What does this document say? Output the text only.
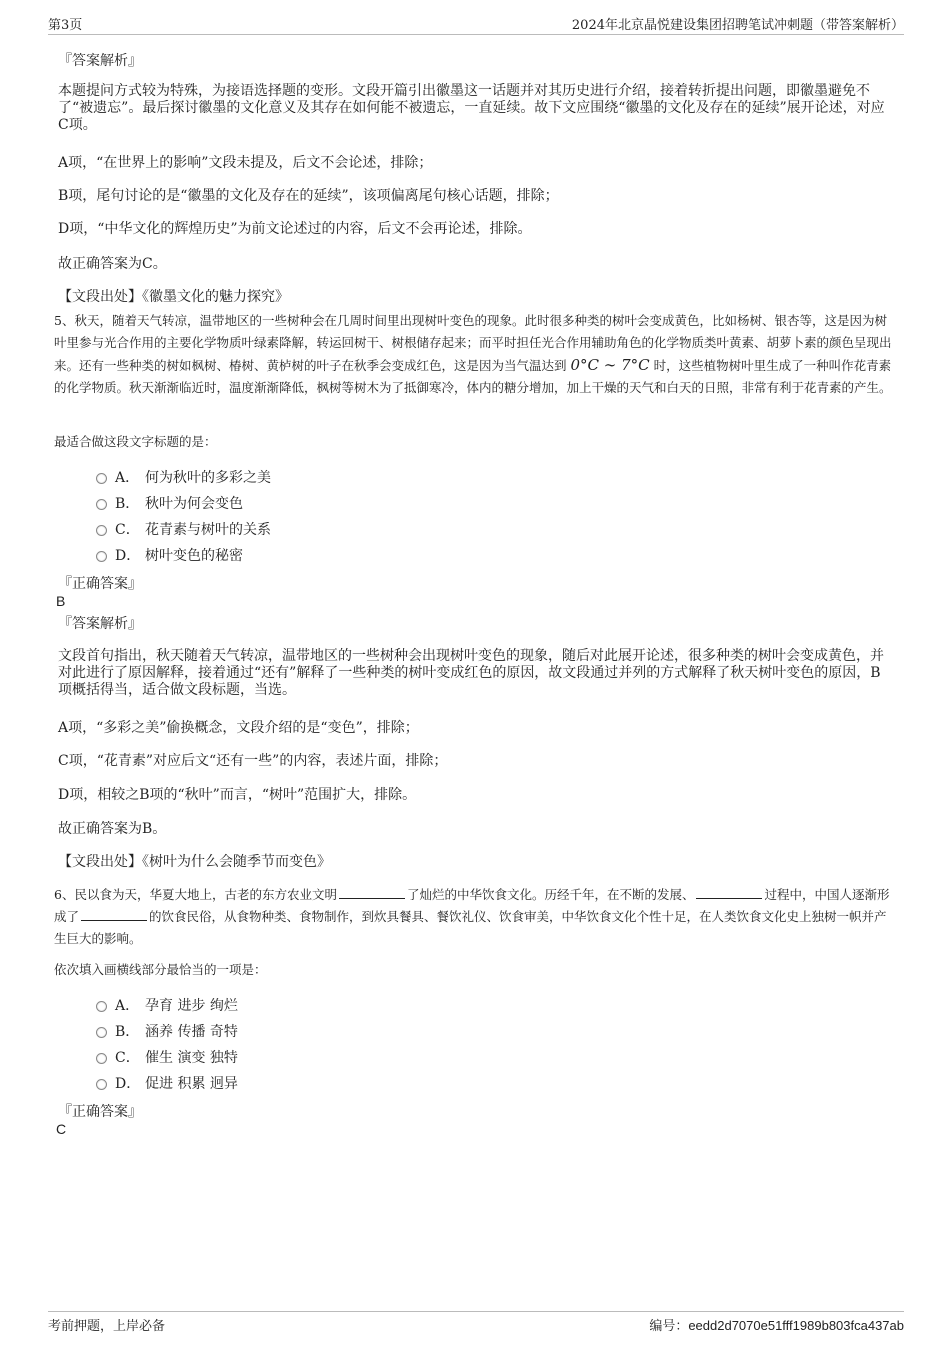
第3页	2024年北京晶悦建设集团招聘笔试冲刺题（带答案解析）
『答案解析』
本题提问方式较为特殊，为接语选择题的变形。文段开篇引出徽墨这一话题并对其历史进行介绍，接着转折提出问题，即徽墨避免不了“被遗忘”。最后探讨徽墨的文化意义及其存在如何能不被遗忘，一直延续。故下文应围绕“徽墨的文化及存在的延续”展开论述，对应C项。
A项，“在世界上的影响”文段未提及，后文不会论述，排除；
B项，尾句讨论的是“徽墨的文化及存在的延续”，该项偏离尾句核心话题，排除；
D项，“中华文化的辉煌历史”为前文论述过的内容，后文不会再论述，排除。
故正确答案为C。
【文段出处】《徽墨文化的魅力探究》
5、秋天，随着天气转凉，温带地区的一些树种会在几周时间里出现树叶变色的现象。此时很多种类的树叶会变成黄色，比如杨树、银杏等，这是因为树叶里参与光合作用的主要化学物质叶绿素降解，转运回树干、树根储存起来；而平时担任光合作用辅助角色的化学物质类叶黄素、胡萝卜素的颜色呈现出来。还有一些种类的树如枫树、椿树、黄栌树的叶子在秋季会变成红色，这是因为当气温达到 0°C ∼ 7°C 时，这些植物树叶里生成了一种叫作花青素的化学物质。秋天渐渐临近时，温度渐渐降低，枫树等树木为了抵御寒冷，体内的糖分增加，加上干燥的天气和白天的日照，非常有利于花青素的产生。
最适合做这段文字标题的是：
A． 何为秋叶的多彩之美
B． 秋叶为何会变色
C． 花青素与树叶的关系
D． 树叶变色的秘密
『正确答案』
B
『答案解析』
文段首句指出，秋天随着天气转凉，温带地区的一些树种会出现树叶变色的现象，随后对此展开论述，很多种类的树叶会变成黄色，并对此进行了原因解释，接着通过“还有”解释了一些种类的树叶变成红色的原因，故文段通过并列的方式解释了秋天树叶变色的原因，B项概括得当，适合做文段标题，当选。
A项，“多彩之美”偷换概念，文段介绍的是“变色”，排除；
C项，“花青素”对应后文“还有一些”的内容，表述片面，排除；
D项，相较之B项的“秋叶”而言，“树叶”范围扩大，排除。
故正确答案为B。
【文段出处】《树叶为什么会随季节而变色》
6、民以食为天，华夏大地上，古老的东方农业文明	了灿烂的中华饮食文化。历经千年，在不断的发展、	过程中，中国人逐渐形成了	的饮食民俗，从食物种类、食物制作，到炊具餐具、餐饮礼仪、饮食审美，中华饮食文化个性十足，在人类饮食文化史上独树一帜并产生巨大的影响。
依次填入画横线部分最恰当的一项是：
A． 孕育 进步 绚烂
B． 涵养 传播 奇特
C． 催生 演变 独特
D． 促进 积累 迥异
『正确答案』
C
考前押题，上岸必备	编号：eedd2d7070e51fff1989b803fca437ab
